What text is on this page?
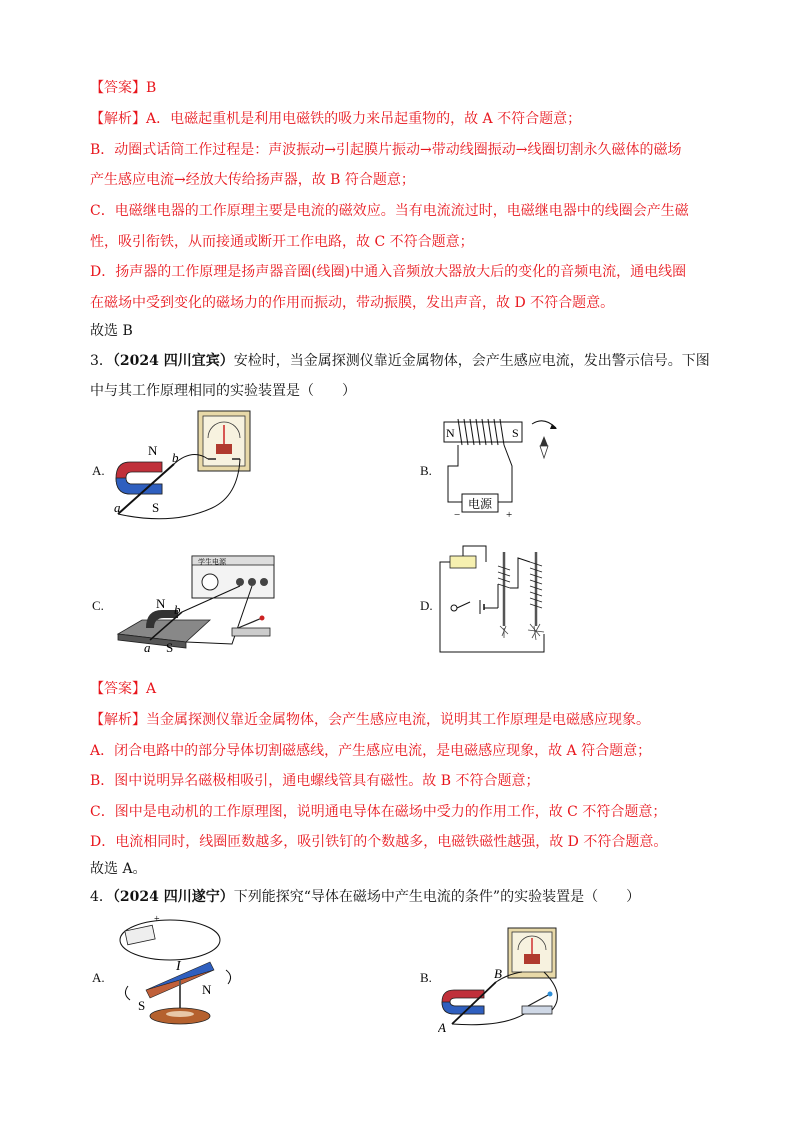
【答案】B
【解析】A．电磁起重机是利用电磁铁的吸力来吊起重物的，故 A 不符合题意；
B．动圈式话筒工作过程是：声波振动→引起膜片振动→带动线圈振动→线圈切割永久磁体的磁场
产生感应电流→经放大传给扬声器，故 B 符合题意；
C．电磁继电器的工作原理主要是电流的磁效应。当有电流流过时，电磁继电器中的线圈会产生磁
性，吸引衔铁，从而接通或断开工作电路，故 C 不符合题意；
D．扬声器的工作原理是扬声器音圈(线圈)中通入音频放大器放大后的变化的音频电流，通电线圈
在磁场中受到变化的磁场力的作用而振动，带动振膜，发出声音，故 D 不符合题意。
故选 B
3．（2024 四川宜宾）安检时，当金属探测仪靠近金属物体，会产生感应电流，发出警示信号。下图
中与其工作原理相同的实验装置是（　　）
A.	B.
C.	D.
N
S
a
b
电源
−	+
N	S
学生电源
N
S
a
b
【答案】A
【解析】当金属探测仪靠近金属物体，会产生感应电流，说明其工作原理是电磁感应现象。
A．闭合电路中的部分导体切割磁感线，产生感应电流，是电磁感应现象，故 A 符合题意；
B．图中说明异名磁极相吸引，通电螺线管具有磁性。故 B 不符合题意；
C．图中是电动机的工作原理图，说明通电导体在磁场中受力的作用工作，故 C 不符合题意；
D．电流相同时，线圈匝数越多，吸引铁钉的个数越多，电磁铁磁性越强，故 D 不符合题意。
故选 A。
4．（2024 四川遂宁）下列能探究“导体在磁场中产生电流的条件”的实验装置是（　　）
A.	B.
+
I
S
N
A
B
